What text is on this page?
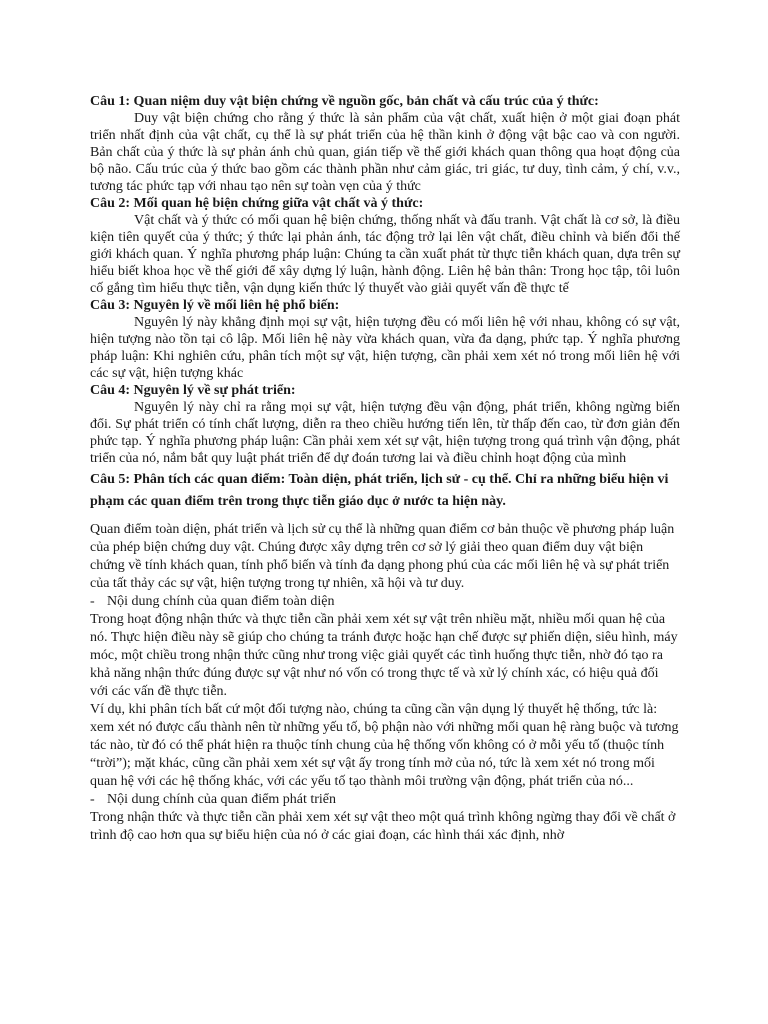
Câu 1: Quan niệm duy vật biện chứng về nguồn gốc, bản chất và cấu trúc của ý thức:

Duy vật biện chứng cho rằng ý thức là sản phẩm của vật chất, xuất hiện ở một giai đoạn phát triển nhất định của vật chất, cụ thể là sự phát triển của hệ thần kinh ở động vật bậc cao và con người. Bản chất của ý thức là sự phản ánh chủ quan, gián tiếp về thế giới khách quan thông qua hoạt động của bộ não. Cấu trúc của ý thức bao gồm các thành phần như cảm giác, tri giác, tư duy, tình cảm, ý chí, v.v., tương tác phức tạp với nhau tạo nên sự toàn vẹn của ý thức

Câu 2: Mối quan hệ biện chứng giữa vật chất và ý thức:

Vật chất và ý thức có mối quan hệ biện chứng, thống nhất và đấu tranh. Vật chất là cơ sở, là điều kiện tiên quyết của ý thức; ý thức lại phản ánh, tác động trở lại lên vật chất, điều chỉnh và biến đổi thế giới khách quan. Ý nghĩa phương pháp luận: Chúng ta cần xuất phát từ thực tiễn khách quan, dựa trên sự hiểu biết khoa học về thế giới để xây dựng lý luận, hành động. Liên hệ bản thân: Trong học tập, tôi luôn cố gắng tìm hiểu thực tiễn, vận dụng kiến thức lý thuyết vào giải quyết vấn đề thực tế

Câu 3: Nguyên lý về mối liên hệ phổ biến:

Nguyên lý này khẳng định mọi sự vật, hiện tượng đều có mối liên hệ với nhau, không có sự vật, hiện tượng nào tồn tại cô lập. Mối liên hệ này vừa khách quan, vừa đa dạng, phức tạp. Ý nghĩa phương pháp luận: Khi nghiên cứu, phân tích một sự vật, hiện tượng, cần phải xem xét nó trong mối liên hệ với các sự vật, hiện tượng khác

Câu 4: Nguyên lý về sự phát triển:

Nguyên lý này chỉ ra rằng mọi sự vật, hiện tượng đều vận động, phát triển, không ngừng biến đổi. Sự phát triển có tính chất lượng, diễn ra theo chiều hướng tiến lên, từ thấp đến cao, từ đơn giản đến phức tạp. Ý nghĩa phương pháp luận: Cần phải xem xét sự vật, hiện tượng trong quá trình vận động, phát triển của nó, nắm bắt quy luật phát triển để dự đoán tương lai và điều chỉnh hoạt động của mình

Câu 5: Phân tích các quan điểm: Toàn diện, phát triển, lịch sử - cụ thể. Chỉ ra những biểu hiện vi phạm các quan điểm trên trong thực tiễn giáo dục ở nước ta hiện này.

Quan điểm toàn diện, phát triển và lịch sử cụ thể là những quan điểm cơ bản thuộc về phương pháp luận của phép biện chứng duy vật. Chúng được xây dựng trên cơ sở lý giải theo quan điểm duy vật biện chứng về tính khách quan, tính phổ biến và tính đa dạng phong phú của các mối liên hệ và sự phát triển của tất thảy các sự vật, hiện tượng trong tự nhiên, xã hội và tư duy.

- Nội dung chính của quan điểm toàn diện

Trong hoạt động nhận thức và thực tiễn cần phải xem xét sự vật trên nhiều mặt, nhiều mối quan hệ của nó. Thực hiện điều này sẽ giúp cho chúng ta tránh được hoặc hạn chế được sự phiến diện, siêu hình, máy móc, một chiều trong nhận thức cũng như trong việc giải quyết các tình huống thực tiễn, nhờ đó tạo ra khả năng nhận thức đúng được sự vật như nó vốn có trong thực tế và xử lý chính xác, có hiệu quả đối với các vấn đề thực tiễn.

Ví dụ, khi phân tích bất cứ một đối tượng nào, chúng ta cũng cần vận dụng lý thuyết hệ thống, tức là: xem xét nó được cấu thành nên từ những yếu tố, bộ phận nào với những mối quan hệ ràng buộc và tương tác nào, từ đó có thể phát hiện ra thuộc tính chung của hệ thống vốn không có ở mỗi yếu tố (thuộc tính “trời”); mặt khác, cũng cần phải xem xét sự vật ấy trong tính mở của nó, tức là xem xét nó trong mối quan hệ với các hệ thống khác, với các yếu tố tạo thành môi trường vận động, phát triển của nó...

- Nội dung chính của quan điểm phát triển

Trong nhận thức và thực tiễn cần phải xem xét sự vật theo một quá trình không ngừng thay đổi về chất ở trình độ cao hơn qua sự biểu hiện của nó ở các giai đoạn, các hình thái xác định, nhờ
